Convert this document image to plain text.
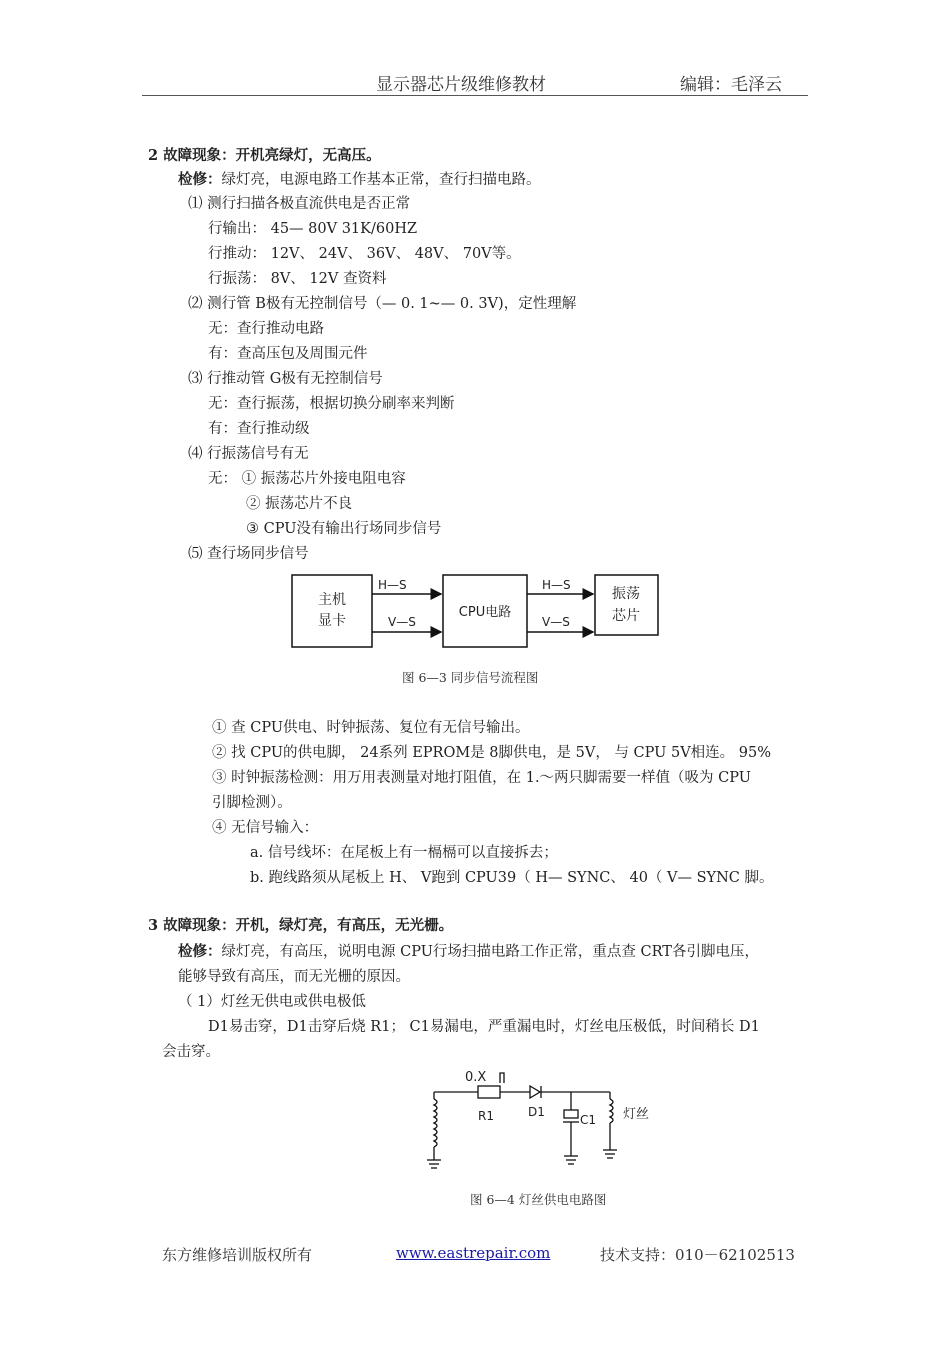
显示器芯片级维修教材	编辑：毛泽云
2 故障现象：开机亮绿灯，无高压。
检修：绿灯亮，电源电路工作基本正常，查行扫描电路。
⑴ 测行扫描各极直流供电是否正常
行输出： 45— 80V 31K/60HZ
行推动： 12V、 24V、 36V、 48V、 70V等。
行振荡： 8V、 12V 查资料
⑵ 测行管 B极有无控制信号（— 0. 1~— 0. 3V)，定性理解
无：查行推动电路
有：查高压包及周围元件
⑶ 行推动管 G极有无控制信号
无：查行振荡，根据切换分刷率来判断
有：查行推动级
⑷ 行振荡信号有无
无： ① 振荡芯片外接电阻电容
② 振荡芯片不良
③ CPU没有输出行场同步信号
⑸ 查行场同步信号
主机
显卡
CPU电路
振荡
芯片
H—S
V—S
H—S
V—S
图 6—3 同步信号流程图
① 查 CPU供电、时钟振荡、复位有无信号输出。
② 找 CPU的供电脚， 24系列 EPROM是 8脚供电，是 5V， 与 CPU 5V相连。 95%
③ 时钟振荡检测：用万用表测量对地打阻值，在 1.～两只脚需要一样值（吸为 CPU
引脚检测）。
④ 无信号输入：
a. 信号线坏：在尾板上有一槅槅可以直接拆去；
b. 跑线路须从尾板上 H、 V跑到 CPU39（ H— SYNC、 40（ V— SYNC 脚。
3 故障现象：开机，绿灯亮，有高压，无光栅。
检修：绿灯亮，有高压，说明电源 CPU行场扫描电路工作正常，重点查 CRT各引脚电压，
能够导致有高压，而无光栅的原因。
（ 1）灯丝无供电或供电极低
D1易击穿，D1击穿后烧 R1； C1易漏电，严重漏电时，灯丝电压极低，时间稍长 D1
会击穿。
0.X
R1	D1
C1 灯丝
图 6—4 灯丝供电电路图
东方维修培训版权所有	www.eastrepair.com	技术支持：010－62102513
